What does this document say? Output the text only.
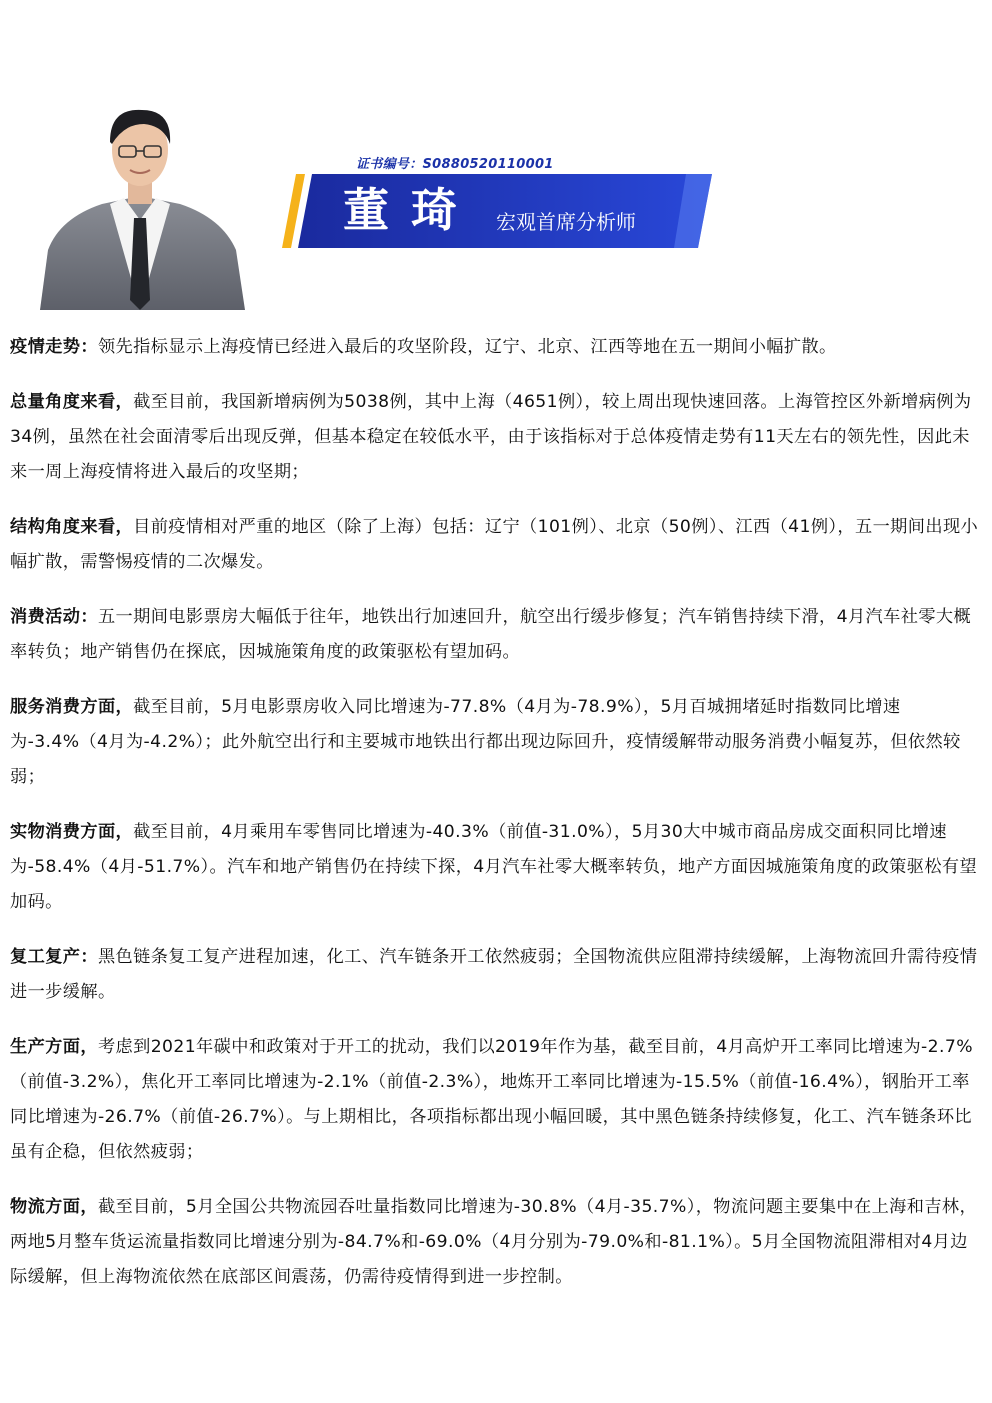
证书编号：S0880520110001
董琦 宏观首席分析师

疫情走势：领先指标显示上海疫情已经进入最后的攻坚阶段，辽宁、北京、江西等地在五一期间小幅扩散。

总量角度来看，截至目前，我国新增病例为5038例，其中上海（4651例），较上周出现快速回落。上海管控区外新增病例为34例，虽然在社会面清零后出现反弹，但基本稳定在较低水平，由于该指标对于总体疫情走势有11天左右的领先性，因此未来一周上海疫情将进入最后的攻坚期；

结构角度来看，目前疫情相对严重的地区（除了上海）包括：辽宁（101例）、北京（50例）、江西（41例），五一期间出现小幅扩散，需警惕疫情的二次爆发。

消费活动：五一期间电影票房大幅低于往年，地铁出行加速回升，航空出行缓步修复；汽车销售持续下滑，4月汽车社零大概率转负；地产销售仍在探底，因城施策角度的政策驱松有望加码。

服务消费方面，截至目前，5月电影票房收入同比增速为-77.8%（4月为-78.9%），5月百城拥堵延时指数同比增速为-3.4%（4月为-4.2%）；此外航空出行和主要城市地铁出行都出现边际回升，疫情缓解带动服务消费小幅复苏，但依然较弱；

实物消费方面，截至目前，4月乘用车零售同比增速为-40.3%（前值-31.0%），5月30大中城市商品房成交面积同比增速为-58.4%（4月-51.7%）。汽车和地产销售仍在持续下探，4月汽车社零大概率转负，地产方面因城施策角度的政策驱松有望加码。

复工复产：黑色链条复工复产进程加速，化工、汽车链条开工依然疲弱；全国物流供应阻滞持续缓解，上海物流回升需待疫情进一步缓解。

生产方面，考虑到2021年碳中和政策对于开工的扰动，我们以2019年作为基，截至目前，4月高炉开工率同比增速为-2.7%（前值-3.2%），焦化开工率同比增速为-2.1%（前值-2.3%），地炼开工率同比增速为-15.5%（前值-16.4%），钢胎开工率同比增速为-26.7%（前值-26.7%）。与上期相比，各项指标都出现小幅回暖，其中黑色链条持续修复，化工、汽车链条环比虽有企稳，但依然疲弱；

物流方面，截至目前，5月全国公共物流园吞吐量指数同比增速为-30.8%（4月-35.7%），物流问题主要集中在上海和吉林，两地5月整车货运流量指数同比增速分别为-84.7%和-69.0%（4月分别为-79.0%和-81.1%）。5月全国物流阻滞相对4月边际缓解，但上海物流依然在底部区间震荡，仍需待疫情得到进一步控制。
